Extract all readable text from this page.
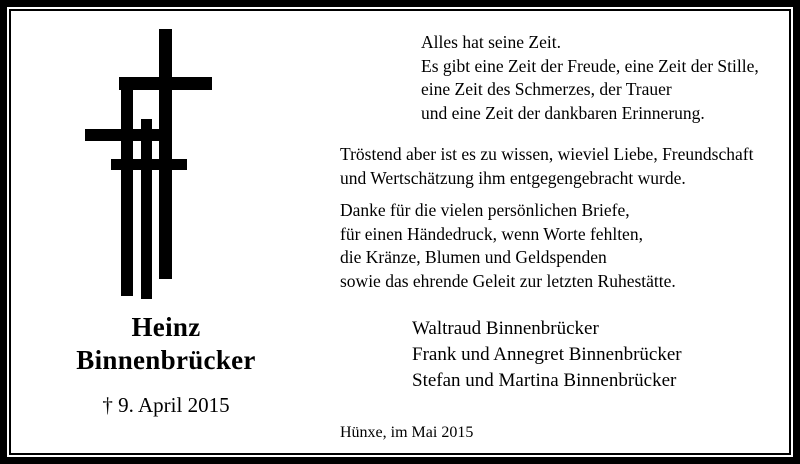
Heinz
Binnenbrücker
† 9. April 2015

Alles hat seine Zeit.

Es gibt eine Zeit der Freude, eine Zeit der Stille,

eine Zeit des Schmerzes, der Trauer

und eine Zeit der dankbaren Erinnerung.

Tröstend aber ist es zu wissen, wieviel Liebe, Freundschaft

und Wertschätzung ihm entgegengebracht wurde.

Danke für die vielen persönlichen Briefe,

für einen Händedruck, wenn Worte fehlten,

die Kränze, Blumen und Geldspenden

sowie das ehrende Geleit zur letzten Ruhestätte.

Waltraud Binnenbrücker

Frank und Annegret Binnenbrücker

Stefan und Martina Binnenbrücker

Hünxe, im Mai 2015
